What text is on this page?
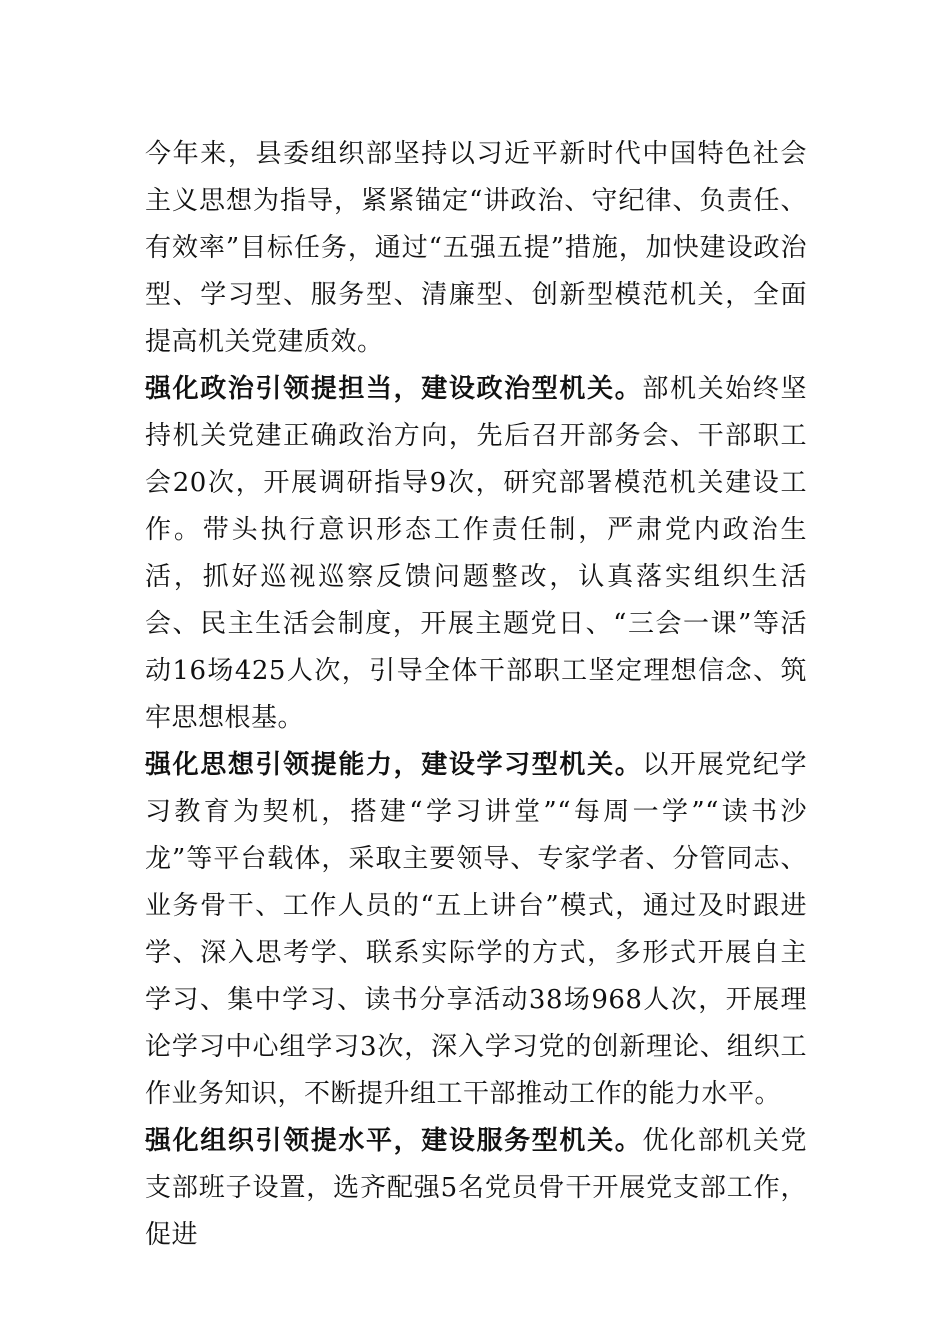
今年来，县委组织部坚持以习近平新时代中国特色社会主义思想为指导，紧紧锚定“讲政治、守纪律、负责任、有效率”目标任务，通过“五强五提”措施，加快建设政治型、学习型、服务型、清廉型、创新型模范机关，全面提高机关党建质效。

强化政治引领提担当，建设政治型机关。部机关始终坚持机关党建正确政治方向，先后召开部务会、干部职工会20次，开展调研指导9次，研究部署模范机关建设工作。带头执行意识形态工作责任制，严肃党内政治生活，抓好巡视巡察反馈问题整改，认真落实组织生活会、民主生活会制度，开展主题党日、“三会一课”等活动16场425人次，引导全体干部职工坚定理想信念、筑牢思想根基。

强化思想引领提能力，建设学习型机关。以开展党纪学习教育为契机，搭建“学习讲堂”“每周一学”“读书沙龙”等平台载体，采取主要领导、专家学者、分管同志、业务骨干、工作人员的“五上讲台”模式，通过及时跟进学、深入思考学、联系实际学的方式，多形式开展自主学习、集中学习、读书分享活动38场968人次，开展理论学习中心组学习3次，深入学习党的创新理论、组织工作业务知识，不断提升组工干部推动工作的能力水平。

强化组织引领提水平，建设服务型机关。优化部机关党支部班子设置，选齐配强5名党员骨干开展党支部工作，促进
